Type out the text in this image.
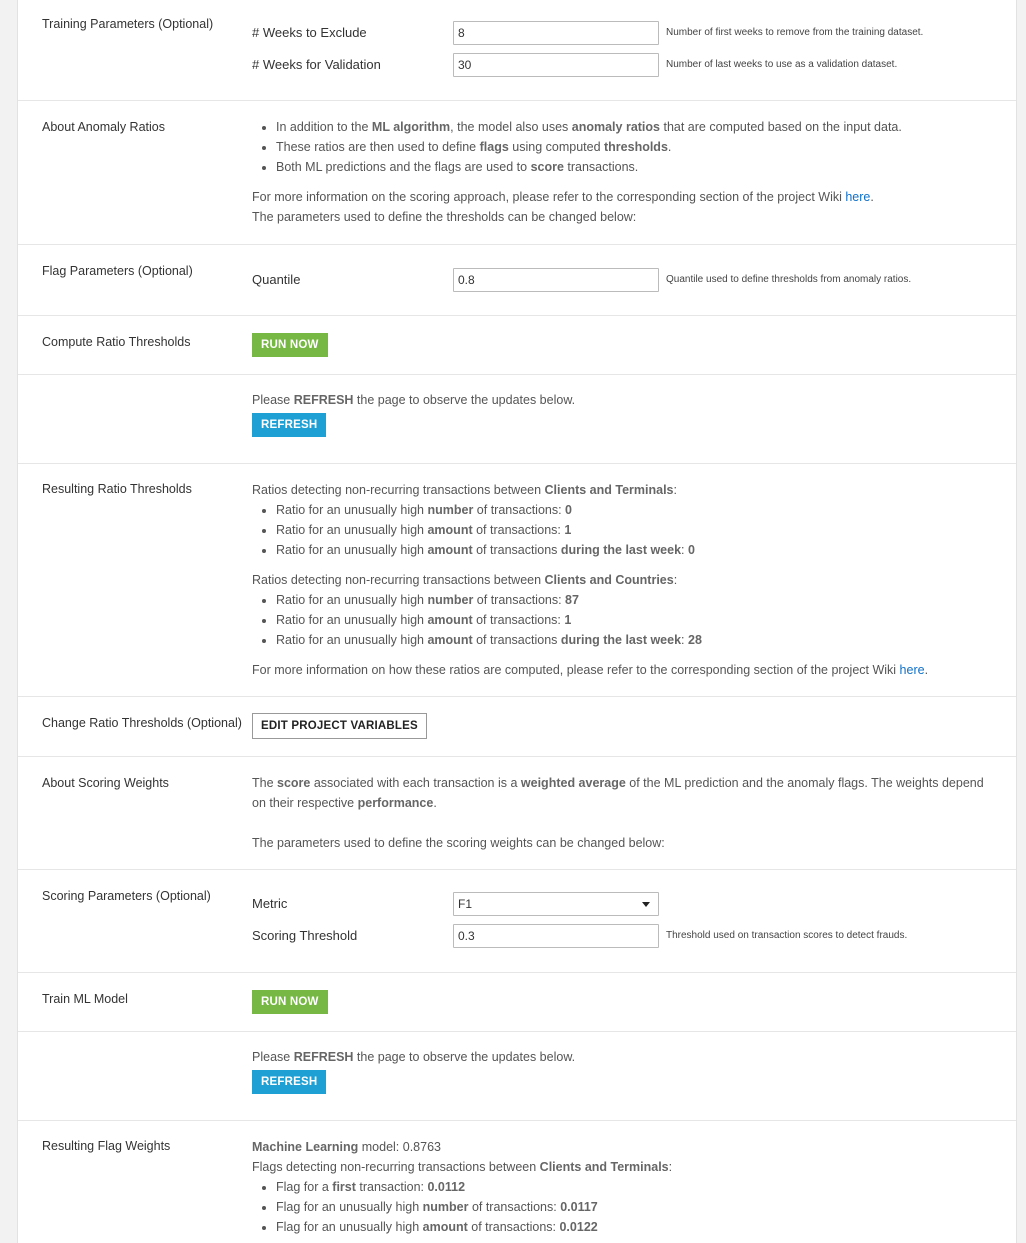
Training Parameters (Optional)
# Weeks to Exclude
8	Number of first weeks to remove from the training dataset.
# Weeks for Validation
30	Number of last weeks to use as a validation dataset.
About Anomaly Ratios
•	In addition to the ML algorithm, the model also uses anomaly ratios that are computed based on the input data.
• These ratios are then used to define flags using computed thresholds.
• Both ML predictions and the flags are used to score transactions.

For more information on the scoring approach, please refer to the corresponding section of the project Wiki here.

The parameters used to define the thresholds can be changed below:

Flag Parameters (Optional)
Quantile
0.8	Quantile used to define thresholds from anomaly ratios.
Compute Ratio Thresholds	RUN NOW

Please REFRESH the page to observe the updates below.

REFRESH
Resulting Ratio Thresholds	Ratios detecting non-recurring transactions between Clients and Terminals:

• Ratio for an unusually high number of transactions: 0
• Ratio for an unusually high amount of transactions: 1
• Ratio for an unusually high amount of transactions during the last week: 0

Ratios detecting non-recurring transactions between Clients and Countries:

• Ratio for an unusually high number of transactions: 87
• Ratio for an unusually high amount of transactions: 1
• Ratio for an unusually high amount of transactions during the last week: 28

For more information on how these ratios are computed, please refer to the corresponding section of the project Wiki here.

Change Ratio Thresholds (Optional)	EDIT PROJECT VARIABLES
About Scoring Weights	The score associated with each transaction is a weighted average of the ML prediction and the anomaly flags. The weights depend on their respective performance.

The parameters used to define the scoring weights can be changed below:

Scoring Parameters (Optional)	Metric	F1
Scoring Threshold
0.3	Threshold used on transaction scores to detect frauds.
Train ML Model	RUN NOW

Please REFRESH the page to observe the updates below.

REFRESH
Resulting Flag Weights	Machine Learning model: 0.8763

Flags detecting non-recurring transactions between Clients and Terminals:

• Flag for a first transaction: 0.0112
• Flag for an unusually high number of transactions: 0.0117
• Flag for an unusually high amount of transactions: 0.0122
